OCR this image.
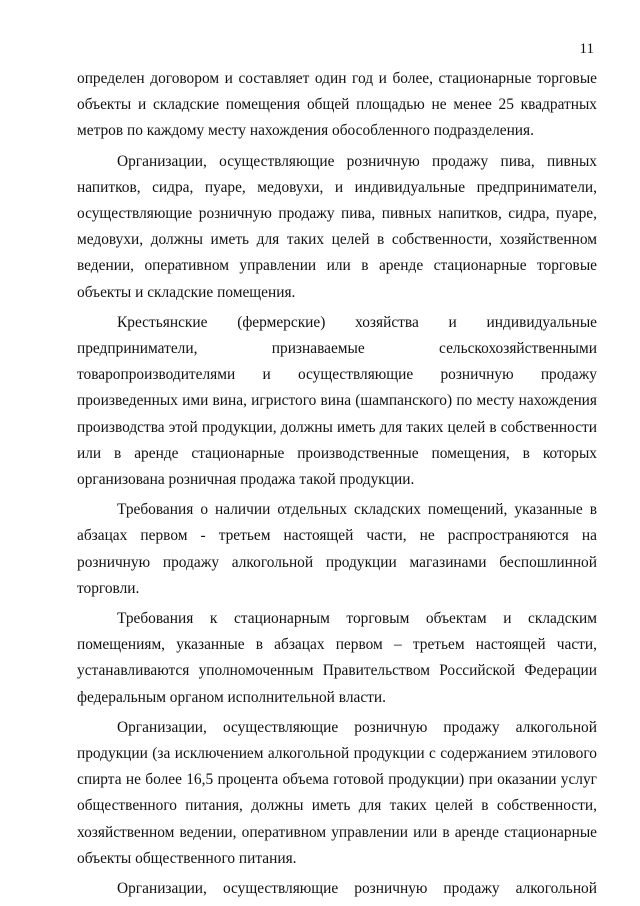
11

определен договором и составляет один год и более, стационарные торговые объекты и складские помещения общей площадью не менее 25 квадратных метров по каждому месту нахождения обособленного подразделения.

Организации, осуществляющие розничную продажу пива, пивных напитков, сидра, пуаре, медовухи, и индивидуальные предприниматели, осуществляющие розничную продажу пива, пивных напитков, сидра, пуаре, медовухи, должны иметь для таких целей в собственности, хозяйственном ведении, оперативном управлении или в аренде стационарные торговые объекты и складские помещения.

Крестьянские (фермерские) хозяйства и индивидуальные предприниматели, признаваемые сельскохозяйственными товаропроизводителями и осуществляющие розничную продажу произведенных ими вина, игристого вина (шампанского) по месту нахождения производства этой продукции, должны иметь для таких целей в собственности или в аренде стационарные производственные помещения, в которых организована розничная продажа такой продукции.

Требования о наличии отдельных складских помещений, указанные в абзацах первом - третьем настоящей части, не распространяются на розничную продажу алкогольной продукции магазинами беспошлинной торговли.

Требования к стационарным торговым объектам и складским помещениям, указанные в абзацах первом – третьем настоящей части, устанавливаются уполномоченным Правительством Российской Федерации федеральным органом исполнительной власти.

Организации, осуществляющие розничную продажу алкогольной продукции (за исключением алкогольной продукции с содержанием этилового спирта не более 16,5 процента объема готовой продукции) при оказании услуг общественного питания, должны иметь для таких целей в собственности, хозяйственном ведении, оперативном управлении или в аренде стационарные объекты общественного питания.

Организации, осуществляющие розничную продажу алкогольной
